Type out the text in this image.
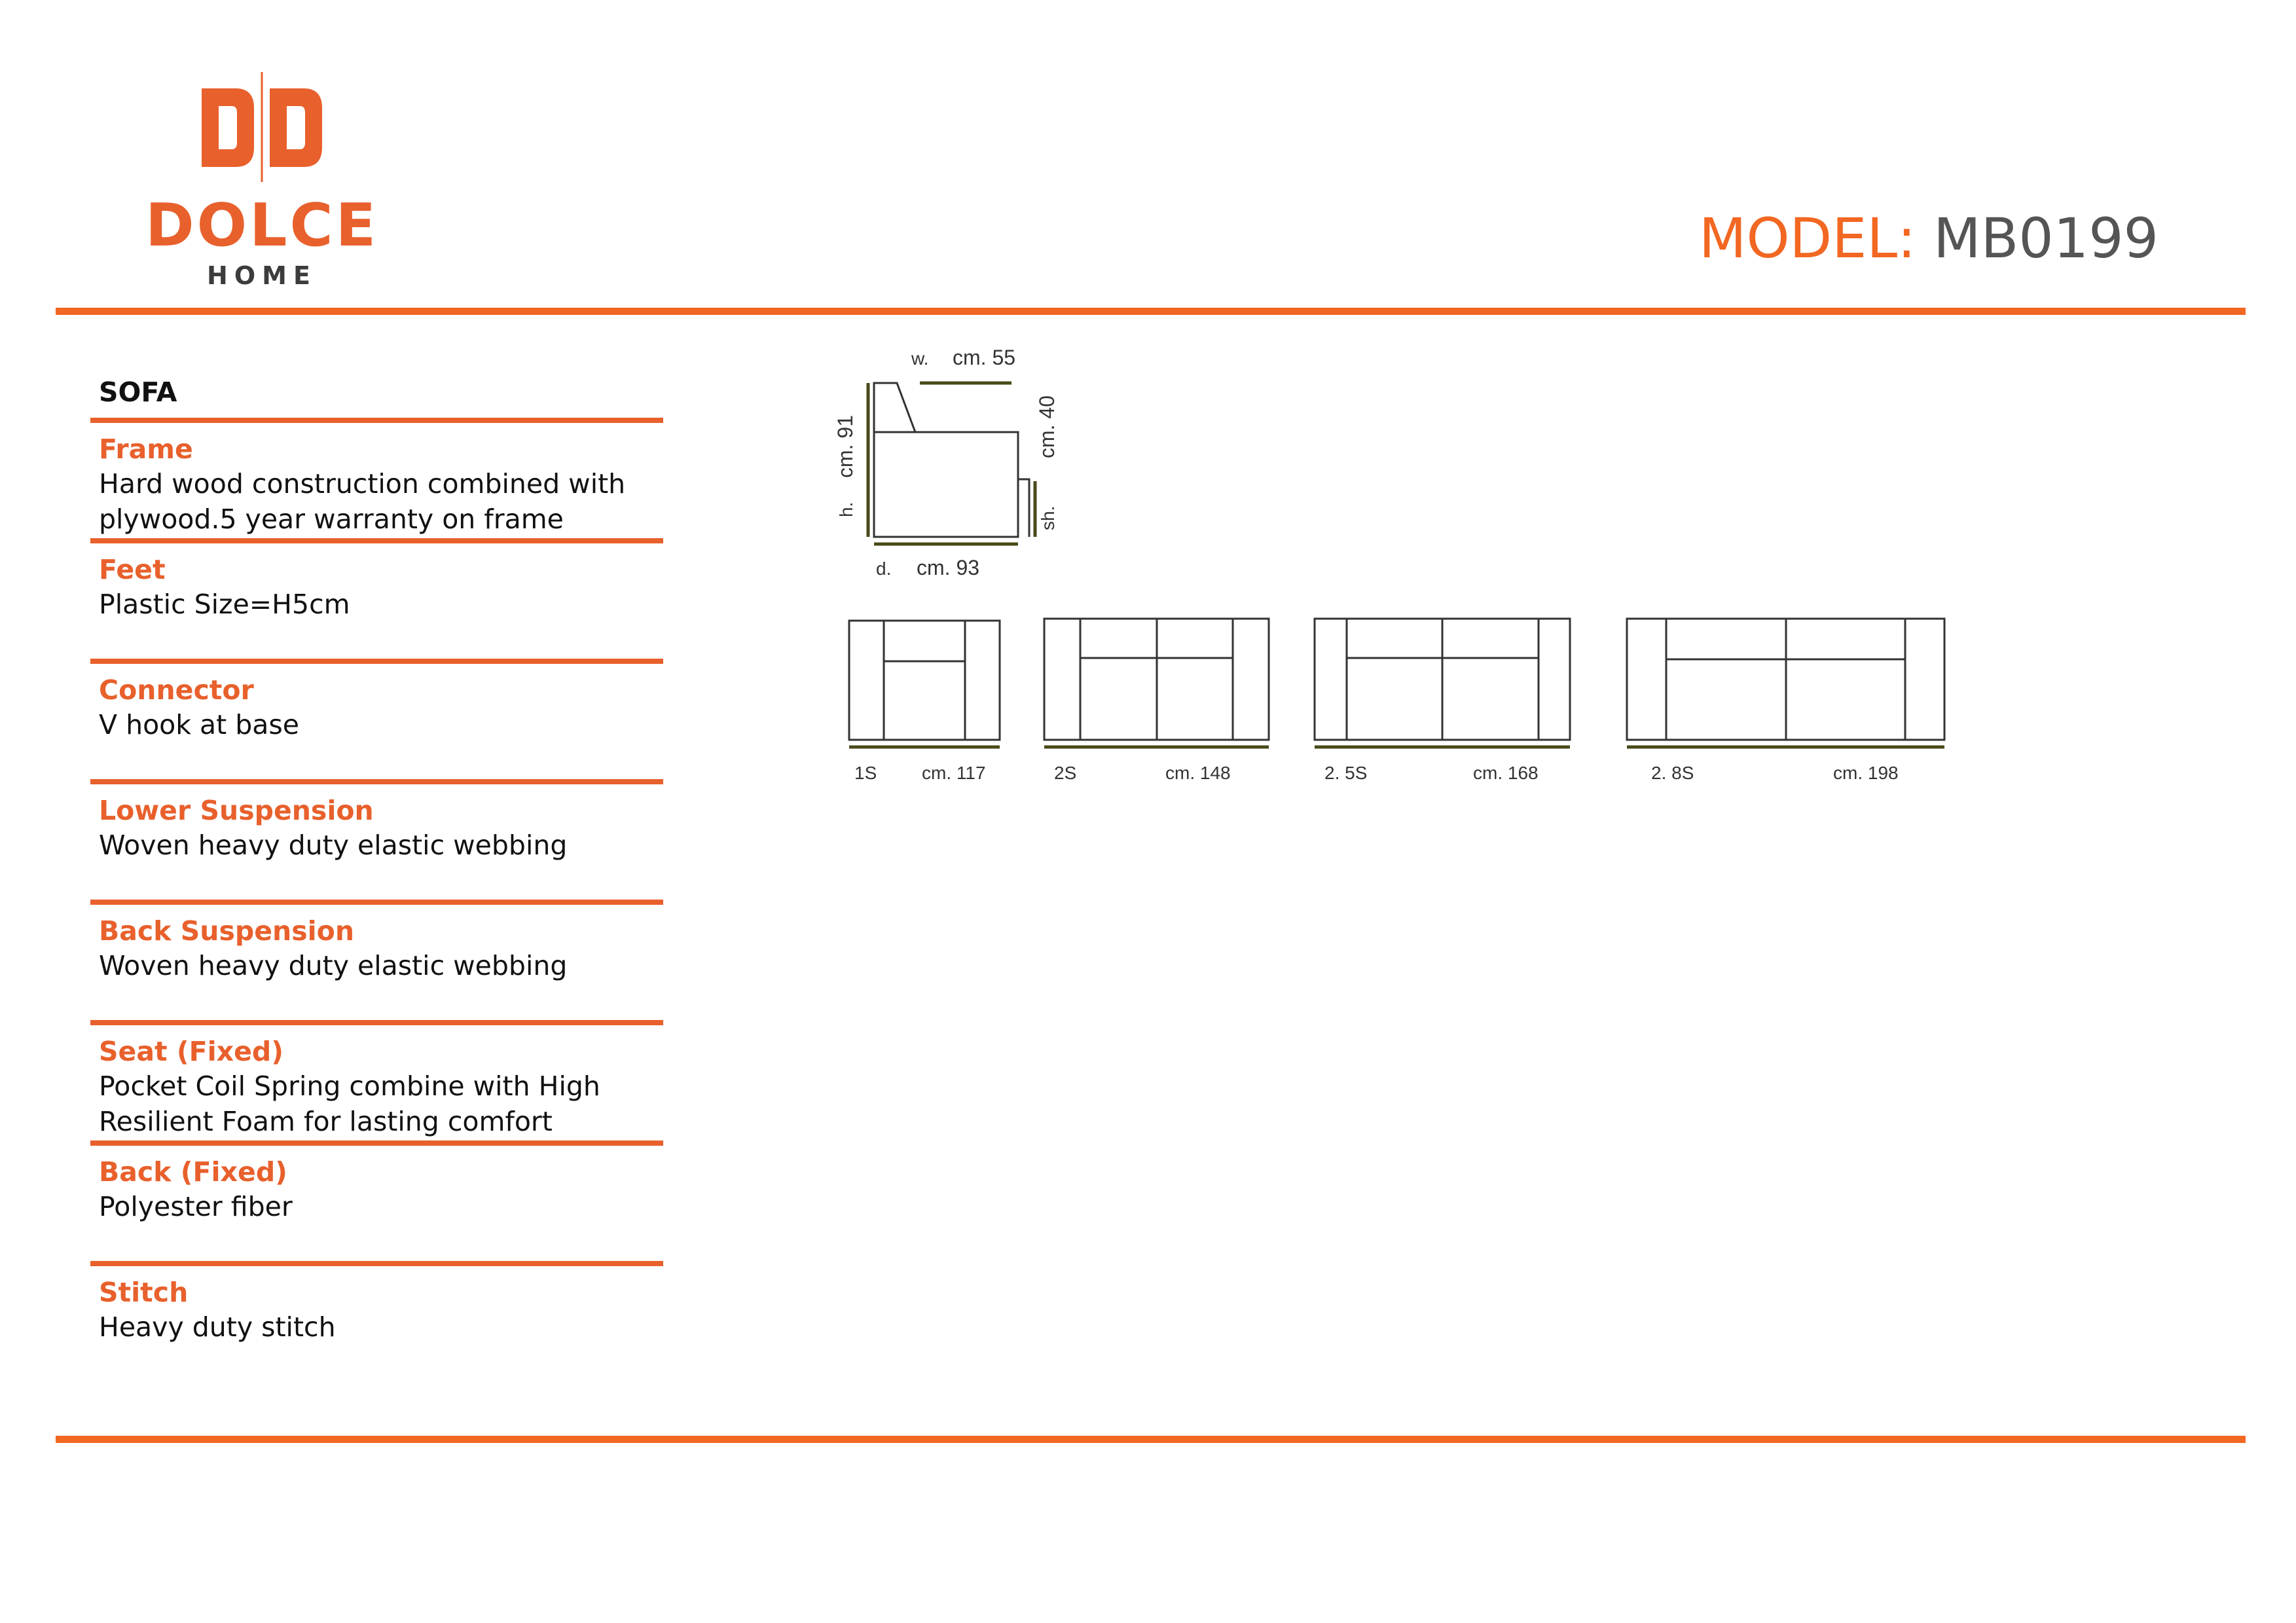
DOLCE
HOME
MODEL: MB0199
SOFA
Frame
Hard wood construction combined with
plywood.5 year warranty on frame
Feet
Plastic Size=H5cm
Connector
V hook at base
Lower Suspension
Woven heavy duty elastic webbing
Back Suspension
Woven heavy duty elastic webbing
Seat (Fixed)
Pocket Coil Spring combine with High
Resilient Foam for lasting comfort
Back (Fixed)
Polyester fiber
Stitch
Heavy duty stitch
w. cm. 55
h.
cm. 91
d. cm. 93
sh.
cm. 40
1S cm. 117	2S	cm. 148	2. 5S	cm. 168	2. 8S	cm. 198
